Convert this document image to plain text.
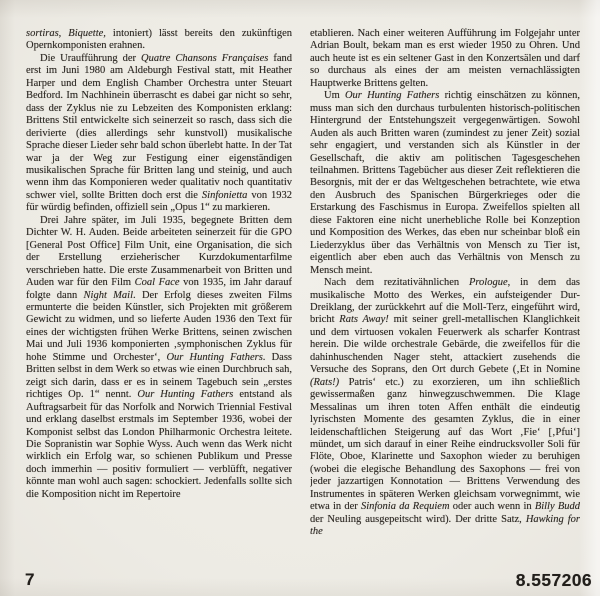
sortiras, Biquette, intoniert) lässt bereits den zukünftigen Opernkomponisten erahnen.

Die Uraufführung der Quatre Chansons Françaises fand erst im Juni 1980 am Aldeburgh Festival statt, mit Heather Harper und dem English Chamber Orchestra unter Steuart Bedford. Im Nachhinein überrascht es dabei gar nicht so sehr, dass der Zyklus nie zu Lebzeiten des Komponisten erklang: Brittens Stil entwickelte sich seinerzeit so rasch, dass sich die derivierte (dies allerdings sehr kunstvoll) musikalische Sprache dieser Lieder sehr bald schon überlebt hatte. In der Tat war ja der Weg zur Festigung einer eigenständigen musikalischen Sprache für Britten lang und steinig, und auch wenn ihm das Komponieren weder qualitativ noch quantitativ schwer viel, sollte Britten doch erst die Sinfonietta von 1932 für würdig befinden, offiziell sein „Opus 1“ zu markieren.

Drei Jahre später, im Juli 1935, begegnete Britten dem Dichter W. H. Auden. Beide arbeiteten seinerzeit für die GPO [General Post Office] Film Unit, eine Organisation, die sich der Erstellung erzieherischer Kurzdokumentarfilme verschrieben hatte. Die erste Zusammenarbeit von Britten und Auden war für den Film Coal Face von 1935, im Jahr darauf folgte dann Night Mail. Der Erfolg dieses zweiten Films ermunterte die beiden Künstler, sich Projekten mit größerem Gewicht zu widmen, und so lieferte Auden 1936 den Text für eines der wichtigsten frühen Werke Brittens, seinen zwischen Mai und Juli 1936 komponierten ‚symphonischen Zyklus für hohe Stimme und Orchester‘, Our Hunting Fathers. Dass Britten selbst in dem Werk so etwas wie einen Durchbruch sah, zeigt sich darin, dass er es in seinem Tagebuch sein „erstes richtiges Op. 1“ nennt. Our Hunting Fathers entstand als Auftragsarbeit für das Norfolk and Norwich Triennial Festival und erklang daselbst erstmals im September 1936, wobei der Komponist selbst das London Philharmonic Orchestra leitete. Die Sopranistin war Sophie Wyss. Auch wenn das Werk nicht wirklich ein Erfolg war, so schienen Publikum und Presse doch immerhin — positiv formuliert — verblüfft, negativer könnte man wohl auch sagen: schockiert. Jedenfalls sollte sich die Komposition nicht im Repertoire

etablieren. Nach einer weiteren Aufführung im Folgejahr unter Adrian Boult, bekam man es erst wieder 1950 zu Ohren. Und auch heute ist es ein seltener Gast in den Konzertsälen und darf so durchaus als eines der am meisten vernachlässigten Hauptwerke Brittens gelten.

Um Our Hunting Fathers richtig einschätzen zu können, muss man sich den durchaus turbulenten historisch-politischen Hintergrund der Entstehungszeit vergegenwärtigen. Sowohl Auden als auch Britten waren (zumindest zu jener Zeit) sozial sehr engagiert, und verstanden sich als Künstler in der Gesellschaft, die aktiv am politischen Tagesgeschehen teilnahmen. Brittens Tagebücher aus dieser Zeit reflektieren die Besorgnis, mit der er das Weltgeschehen betrachtete, wie etwa den Ausbruch des Spanischen Bürgerkrieges oder die Erstarkung des Faschismus in Europa. Zweifellos spielten all diese Faktoren eine nicht unerhebliche Rolle bei Konzeption und Komposition des Werkes, das eben nur scheinbar bloß ein Liederzyklus über das Verhältnis von Mensch zu Tier ist, eigentlich aber eben auch das Verhältnis von Mensch zu Mensch meint.

Nach dem rezitativähnlichen Prologue, in dem das musikalische Motto des Werkes, ein aufsteigender Dur-Dreiklang, der zurückkehrt auf die Moll-Terz, eingeführt wird, bricht Rats Away! mit seiner grell-metallischen Klanglichkeit und dem virtuosen vokalen Feuerwerk als scharfer Kontrast herein. Die wilde orchestrale Gebärde, die zweifellos für die dahinhuschenden Nager steht, attackiert zusehends die Versuche des Soprans, den Ort durch Gebete (‚Et in Nomine (Rats!) Patris‘ etc.) zu exorzieren, um ihn schließlich gewissermaßen ganz hinwegzuschwemmen. Die Klage Messalinas um ihren toten Affen enthält die eindeutig lyrischsten Momente des gesamten Zyklus, die in einer leidenschaftlichen Steigerung auf das Wort ‚Fie‘ [‚Pfui‘] mündet, um sich darauf in einer Reihe eindrucksvoller Soli für Flöte, Oboe, Klarinette und Saxophon wieder zu beruhigen (wobei die elegische Behandlung des Saxophons — frei von jeder jazzartigen Konnotation — Brittens Verwendung des Instrumentes in späteren Werken gleichsam vorwegnimmt, wie etwa in der Sinfonia da Requiem oder auch wenn in Billy Budd der Neuling ausgepeitscht wird). Der dritte Satz, Hawking for the

7	8.557206
